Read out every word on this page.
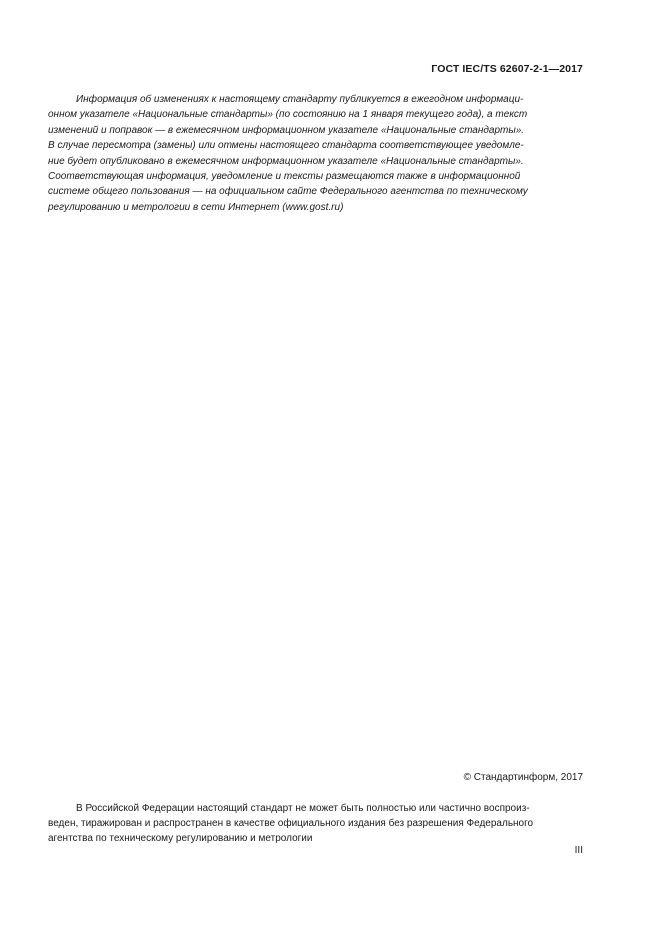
ГОСТ IEC/TS 62607-2-1—2017
Информация об изменениях к настоящему стандарту публикуется в ежегодном информаци-
онном указателе «Национальные стандарты» (по состоянию на 1 января текущего года), а текст
изменений и поправок — в ежемесячном информационном указателе «Национальные стандарты».
В случае пересмотра (замены) или отмены настоящего стандарта соответствующее уведомле-
ние будет опубликовано в ежемесячном информационном указателе «Национальные стандарты».
Соответствующая информация, уведомление и тексты размещаются также в информационной
системе общего пользования — на официальном сайте Федерального агентства по техническому
регулированию и метрологии в сети Интернет (www.gost.ru)
© Стандартинформ, 2017
В Российской Федерации настоящий стандарт не может быть полностью или частично воспроиз-
веден, тиражирован и распространен в качестве официального издания без разрешения Федерального
агентства по техническому регулированию и метрологии
III
